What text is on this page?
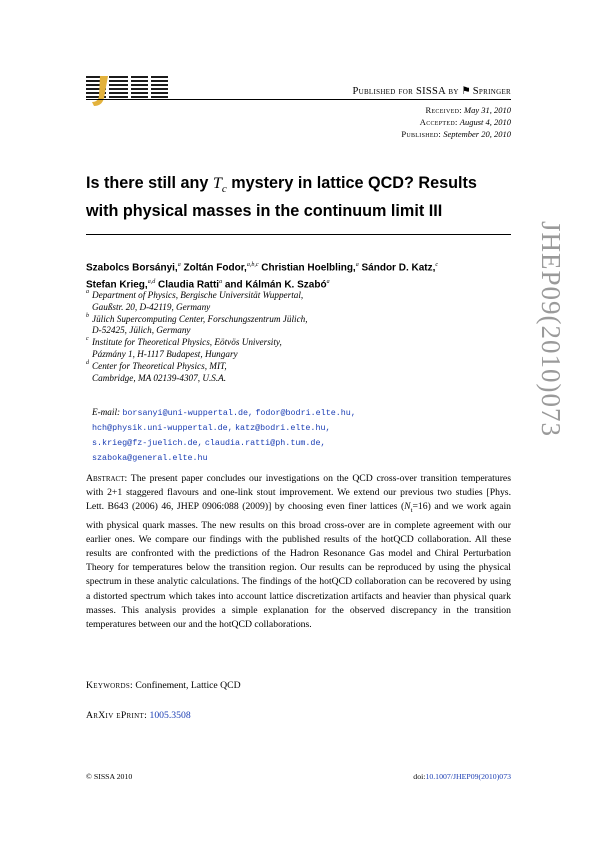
Published for SISSA by ⚑ Springer
Received: May 31, 2010
Accepted: August 4, 2010
Published: September 20, 2010
Is there still any $T_c$ mystery in lattice QCD? Results with physical masses in the continuum limit III
Szabolcs Borsányi,$^a$ Zoltán Fodor,$^{a,b,c}$ Christian Hoelbling,$^a$ Sándor D. Katz,$^c$
Stefan Krieg,$^{a,d}$ Claudia Ratti$^a$ and Kálmán K. Szabó$^a$
a Department of Physics, Bergische Universität Wuppertal,
Gaußstr. 20, D-42119, Germany
b Jülich Supercomputing Center, Forschungszentrum Jülich,
D-52425, Jülich, Germany
c Institute for Theoretical Physics, Eötvös University,
Pázmány 1, H-1117 Budapest, Hungary
d Center for Theoretical Physics, MIT,
Cambridge, MA 02139-4307, U.S.A.
E-mail: borsanyi@uni-wuppertal.de, fodor@bodri.elte.hu,
hch@physik.uni-wuppertal.de, katz@bodri.elte.hu,
s.krieg@fz-juelich.de, claudia.ratti@ph.tum.de,
szaboka@general.elte.hu
Abstract: The present paper concludes our investigations on the QCD cross-over transition temperatures with 2+1 staggered flavours and one-link stout improvement. We extend our previous two studies [Phys. Lett. B643 (2006) 46, JHEP 0906:088 (2009)] by choosing even finer lattices $(N_t=16)$ and we work again with physical quark masses. The new results on this broad cross-over are in complete agreement with our earlier ones. We compare our findings with the published results of the hotQCD collaboration. All these results are confronted with the predictions of the Hadron Resonance Gas model and Chiral Perturbation Theory for temperatures below the transition region. Our results can be reproduced by using the physical spectrum in these analytic calculations. The findings of the hotQCD collaboration can be recovered by using a distorted spectrum which takes into account lattice discretization artifacts and heavier than physical quark masses. This analysis provides a simple explanation for the observed discrepancy in the transition temperatures between our and the hotQCD collaborations.
Keywords: Confinement, Lattice QCD
ArXiv ePrint: 1005.3508
© SISSA 2010	doi:10.1007/JHEP09(2010)073
JHEP09(2010)073
